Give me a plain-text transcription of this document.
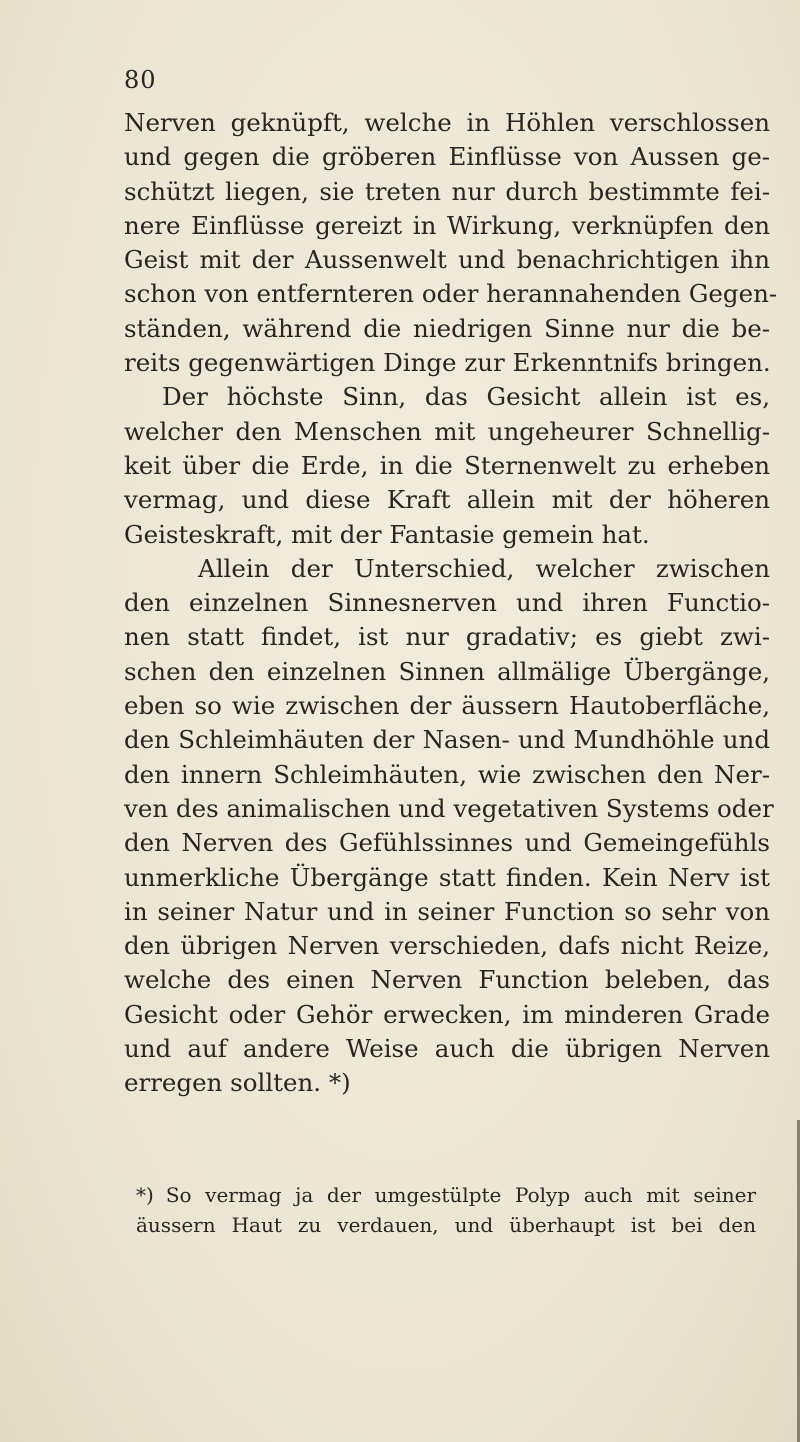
80
Nerven geknüpft, welche in Höhlen verschlossen
und gegen die gröberen Einflüsse von Aussen ge-
schützt liegen, sie treten nur durch bestimmte fei-
nere Einflüsse gereizt in Wirkung, verknüpfen den
Geist mit der Aussenwelt und benachrichtigen ihn
schon von entfernteren oder herannahenden Gegen-
ständen, während die niedrigen Sinne nur die be-
reits gegenwärtigen Dinge zur Erkenntnifs bringen.
Der höchste Sinn, das Gesicht allein ist es,
welcher den Menschen mit ungeheurer Schnellig-
keit über die Erde, in die Sternenwelt zu erheben
vermag, und diese Kraft allein mit der höheren
Geisteskraft, mit der Fantasie gemein hat.
Allein der Unterschied, welcher zwischen
den einzelnen Sinnesnerven und ihren Functio-
nen statt findet, ist nur gradativ; es giebt zwi-
schen den einzelnen Sinnen allmälige Übergänge,
eben so wie zwischen der äussern Hautoberfläche,
den Schleimhäuten der Nasen- und Mundhöhle und
den innern Schleimhäuten, wie zwischen den Ner-
ven des animalischen und vegetativen Systems oder
den Nerven des Gefühlssinnes und Gemeingefühls
unmerkliche Übergänge statt finden. Kein Nerv ist
in seiner Natur und in seiner Function so sehr von
den übrigen Nerven verschieden, dafs nicht Reize,
welche des einen Nerven Function beleben, das
Gesicht oder Gehör erwecken, im minderen Grade
und auf andere Weise auch die übrigen Nerven
erregen sollten. *)
*) So vermag ja der umgestülpte Polyp auch mit seiner
äussern Haut zu verdauen, und überhaupt ist bei den
